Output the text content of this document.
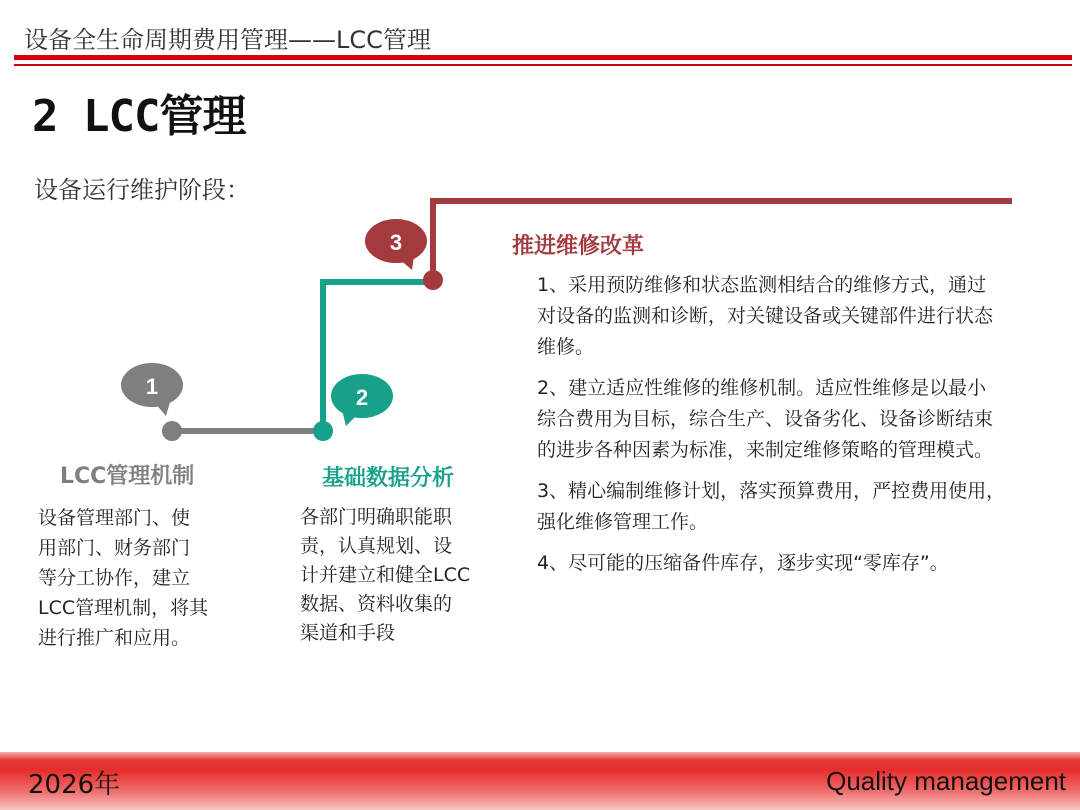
设备全生命周期费用管理——LCC管理
2 LCC管理
设备运行维护阶段：
1	2
3
LCC管理机制
设备管理部门、使
用部门、财务部门
等分工协作，建立
LCC管理机制，将其
进行推广和应用。
基础数据分析
各部门明确职能职
责，认真规划、设
计并建立和健全LCC
数据、资料收集的
渠道和手段
推进维修改革
1、采用预防维修和状态监测相结合的维修方式，通过
对设备的监测和诊断，对关键设备或关键部件进行状态
维修。
2、建立适应性维修的维修机制。适应性维修是以最小
综合费用为目标，综合生产、设备劣化、设备诊断结束
的进步各种因素为标准，来制定维修策略的管理模式。
3、精心编制维修计划，落实预算费用，严控费用使用，
强化维修管理工作。
4、尽可能的压缩备件库存，逐步实现“零库存”。
2026年	Quality management
